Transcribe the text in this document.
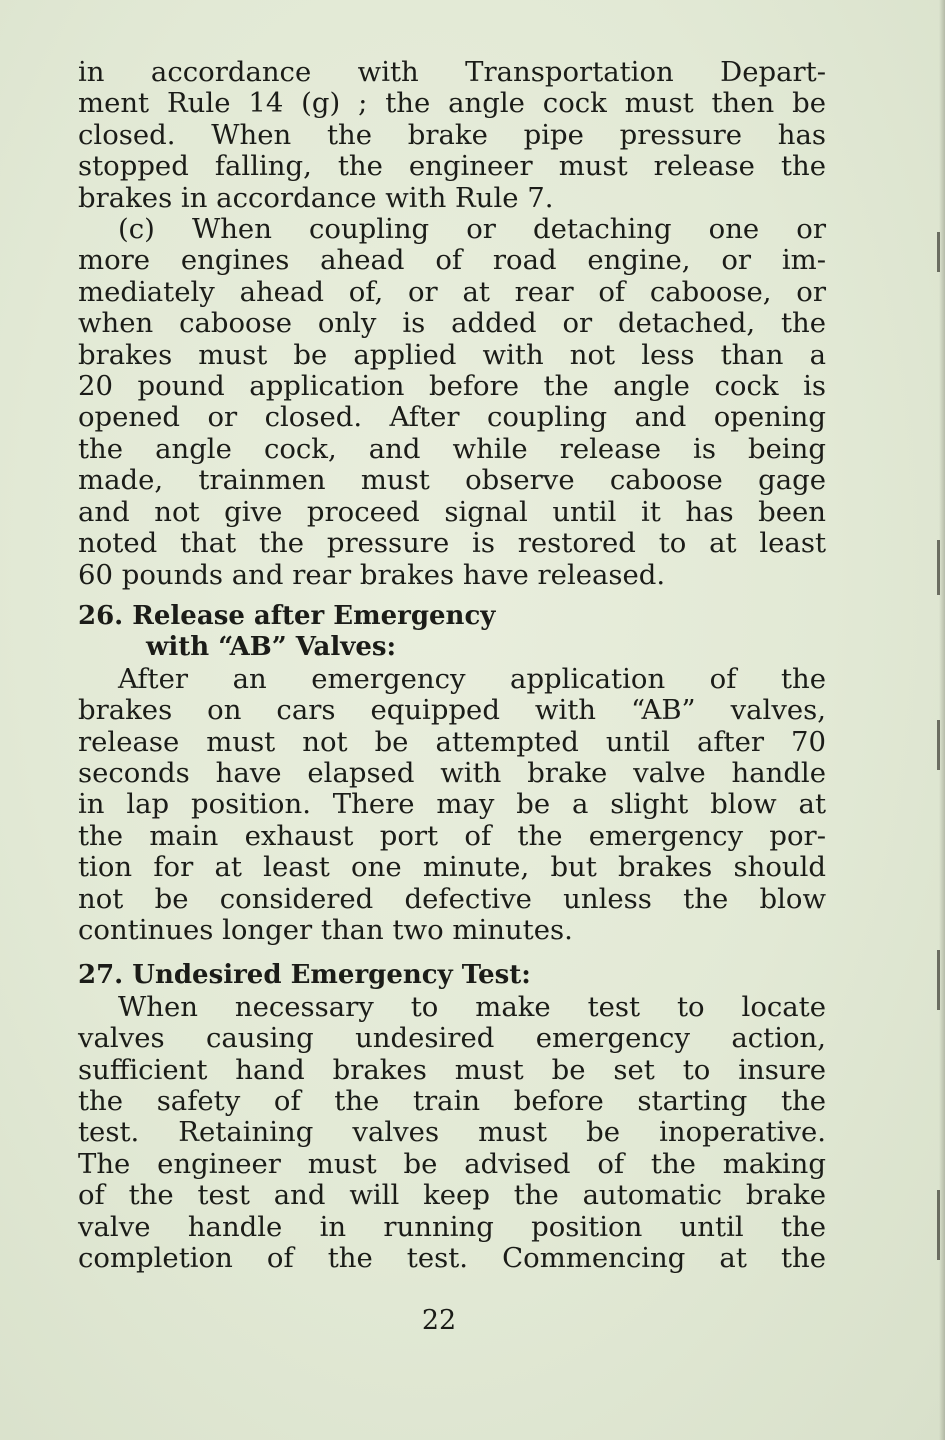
in accordance with Transportation Depart-
ment Rule 14 (g) ; the angle cock must then be
closed. When the brake pipe pressure has
stopped falling, the engineer must release the
brakes in accordance with Rule 7.
(c) When coupling or detaching one or
more engines ahead of road engine, or im-
mediately ahead of, or at rear of caboose, or
when caboose only is added or detached, the
brakes must be applied with not less than a
20 pound application before the angle cock is
opened or closed. After coupling and opening
the angle cock, and while release is being
made, trainmen must observe caboose gage
and not give proceed signal until it has been
noted that the pressure is restored to at least
60 pounds and rear brakes have released.
26. Release after Emergency
with “AB” Valves:
After an emergency application of the
brakes on cars equipped with “AB” valves,
release must not be attempted until after 70
seconds have elapsed with brake valve handle
in lap position. There may be a slight blow at
the main exhaust port of the emergency por-
tion for at least one minute, but brakes should
not be considered defective unless the blow
continues longer than two minutes.
27. Undesired Emergency Test:
When necessary to make test to locate
valves causing undesired emergency action,
sufficient hand brakes must be set to insure
the safety of the train before starting the
test. Retaining valves must be inoperative.
The engineer must be advised of the making
of the test and will keep the automatic brake
valve handle in running position until the
completion of the test. Commencing at the
22
